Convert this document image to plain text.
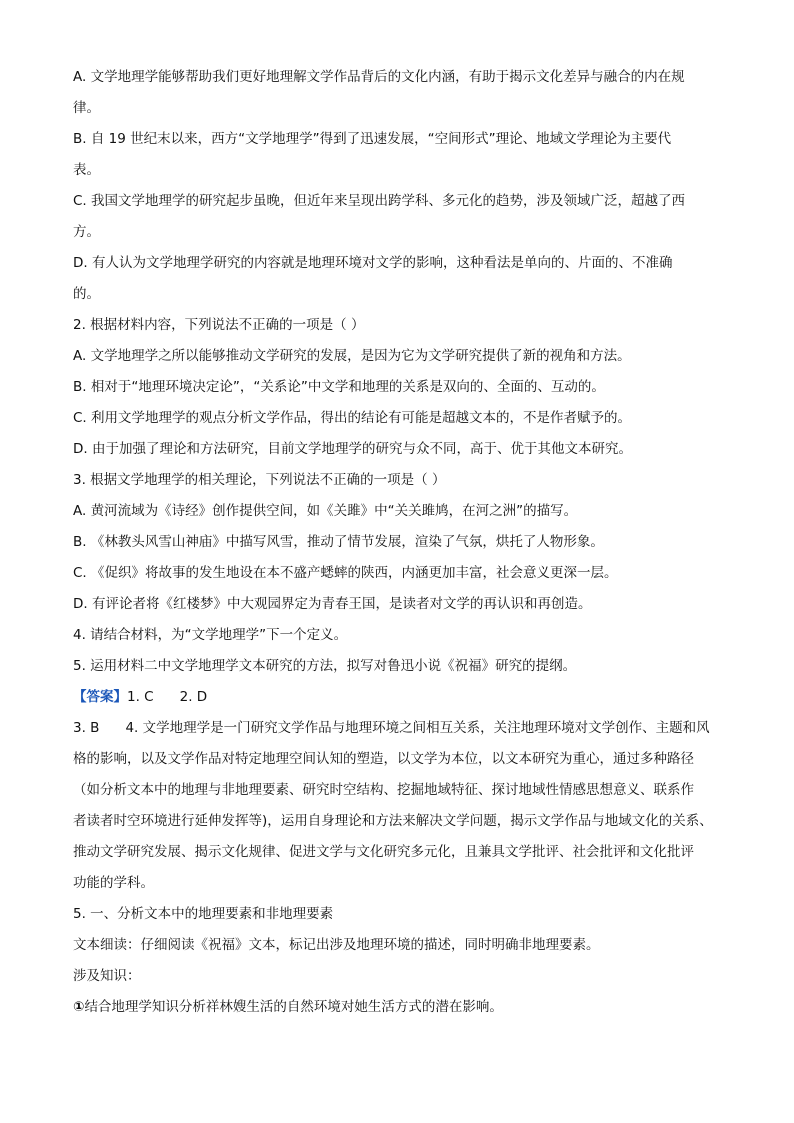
A. 文学地理学能够帮助我们更好地理解文学作品背后的文化内涵，有助于揭示文化差异与融合的内在规
律。
B. 自 19 世纪末以来，西方“文学地理学”得到了迅速发展，“空间形式”理论、地域文学理论为主要代
表。
C. 我国文学地理学的研究起步虽晚，但近年来呈现出跨学科、多元化的趋势，涉及领域广泛，超越了西
方。
D. 有人认为文学地理学研究的内容就是地理环境对文学的影响，这种看法是单向的、片面的、不准确
的。
2. 根据材料内容，下列说法不正确的一项是（ ）
A. 文学地理学之所以能够推动文学研究的发展，是因为它为文学研究提供了新的视角和方法。
B. 相对于“地理环境决定论”，“关系论”中文学和地理的关系是双向的、全面的、互动的。
C. 利用文学地理学的观点分析文学作品，得出的结论有可能是超越文本的，不是作者赋予的。
D. 由于加强了理论和方法研究，目前文学地理学的研究与众不同，高于、优于其他文本研究。
3. 根据文学地理学的相关理论，下列说法不正确的一项是（ ）
A. 黄河流域为《诗经》创作提供空间，如《关雎》中“关关雎鸠，在河之洲”的描写。
B. 《林教头风雪山神庙》中描写风雪，推动了情节发展，渲染了气氛，烘托了人物形象。
C. 《促织》将故事的发生地设在本不盛产蟋蟀的陕西，内涵更加丰富，社会意义更深一层。
D. 有评论者将《红楼梦》中大观园界定为青春王国，是读者对文学的再认识和再创造。
4. 请结合材料，为“文学地理学”下一个定义。
5. 运用材料二中文学地理学文本研究的方法，拟写对鲁迅小说《祝福》研究的提纲。
【答案】1. C 2. D
3. B 4. 文学地理学是一门研究文学作品与地理环境之间相互关系，关注地理环境对文学创作、主题和风
格的影响，以及文学作品对特定地理空间认知的塑造，以文学为本位，以文本研究为重心，通过多种路径
（如分析文本中的地理与非地理要素、研究时空结构、挖掘地域特征、探讨地域性情感思想意义、联系作
者读者时空环境进行延伸发挥等)，运用自身理论和方法来解决文学问题，揭示文学作品与地域文化的关系、
推动文学研究发展、揭示文化规律、促进文学与文化研究多元化，且兼具文学批评、社会批评和文化批评
功能的学科。
5. 一、分析文本中的地理要素和非地理要素
文本细读：仔细阅读《祝福》文本，标记出涉及地理环境的描述，同时明确非地理要素。
涉及知识：
①结合地理学知识分析祥林嫂生活的自然环境对她生活方式的潜在影响。
